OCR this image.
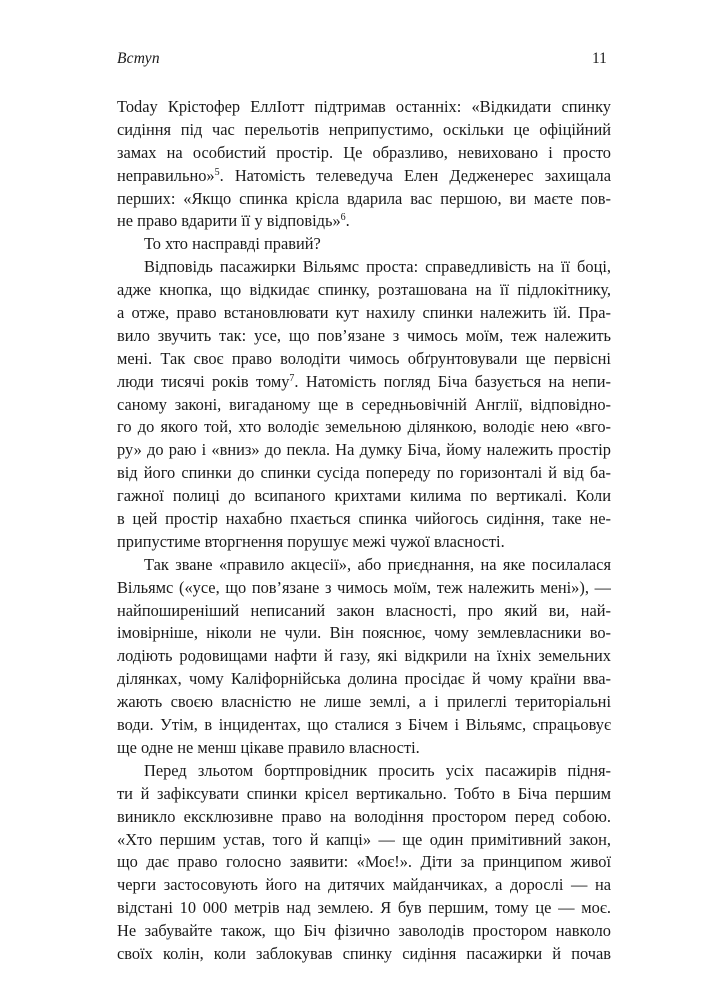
Вступ	11
Today Крістофер ЕллІотт підтримав останніх: «Відкидати спинку
сидіння під час перельотів неприпустимо, оскільки це офіційний
замах на особистий простір. Це образливо, невиховано і просто
неправильно»$^5$. Натомість телеведуча Елен Дедженерес захищала
перших: «Якщо спинка крісла вдарила вас першою, ви маєте пов-
не право вдарити її у відповідь»$^6$.
То хто насправді правий?
Відповідь пасажирки Вільямс проста: справедливість на її боці,
адже кнопка, що відкидає спинку, розташована на її підлокітнику,
а отже, право встановлювати кут нахилу спинки належить їй. Пра-
вило звучить так: усе, що пов’язане з чимось моїм, теж належить
мені. Так своє право володіти чимось обґрунтовували ще первісні
люди тисячі років тому$^7$. Натомість погляд Біча базується на непи-
саному законі, вигаданому ще в середньовічній Англії, відповідно-
го до якого той, хто володіє земельною ділянкою, володіє нею «вго-
ру» до раю і «вниз» до пекла. На думку Біча, йому належить простір
від його спинки до спинки сусіда попереду по горизонталі й від ба-
гажної полиці до всипаного крихтами килима по вертикалі. Коли
в цей простір нахабно пхається спинка чийогось сидіння, таке не-
припустиме вторгнення порушує межі чужої власності.
Так зване «правило акцесії», або приєднання, на яке посилалася
Вільямс («усе, що пов’язане з чимось моїм, теж належить мені»), —
найпоширеніший неписаний закон власності, про який ви, най-
імовірніше, ніколи не чули. Він пояснює, чому землевласники во-
лодіють родовищами нафти й газу, які відкрили на їхніх земельних
ділянках, чому Каліфорнійська долина просідає й чому країни вва-
жають своєю власністю не лише землі, а і прилеглі територіальні
води. Утім, в інцидентах, що сталися з Бічем і Вільямс, спрацьовує
ще одне не менш цікаве правило власності.
Перед зльотом бортпровідник просить усіх пасажирів підня-
ти й зафіксувати спинки крісел вертикально. Тобто в Біча першим
виникло ексклюзивне право на володіння простором перед собою.
«Хто першим устав, того й капці» — ще один примітивний закон,
що дає право голосно заявити: «Моє!». Діти за принципом живої
черги застосовують його на дитячих майданчиках, а дорослі — на
відстані 10 000 метрів над землею. Я був першим, тому це — моє.
Не забувайте також, що Біч фізично заволодів простором навколо
своїх колін, коли заблокував спинку сидіння пасажирки й почав
